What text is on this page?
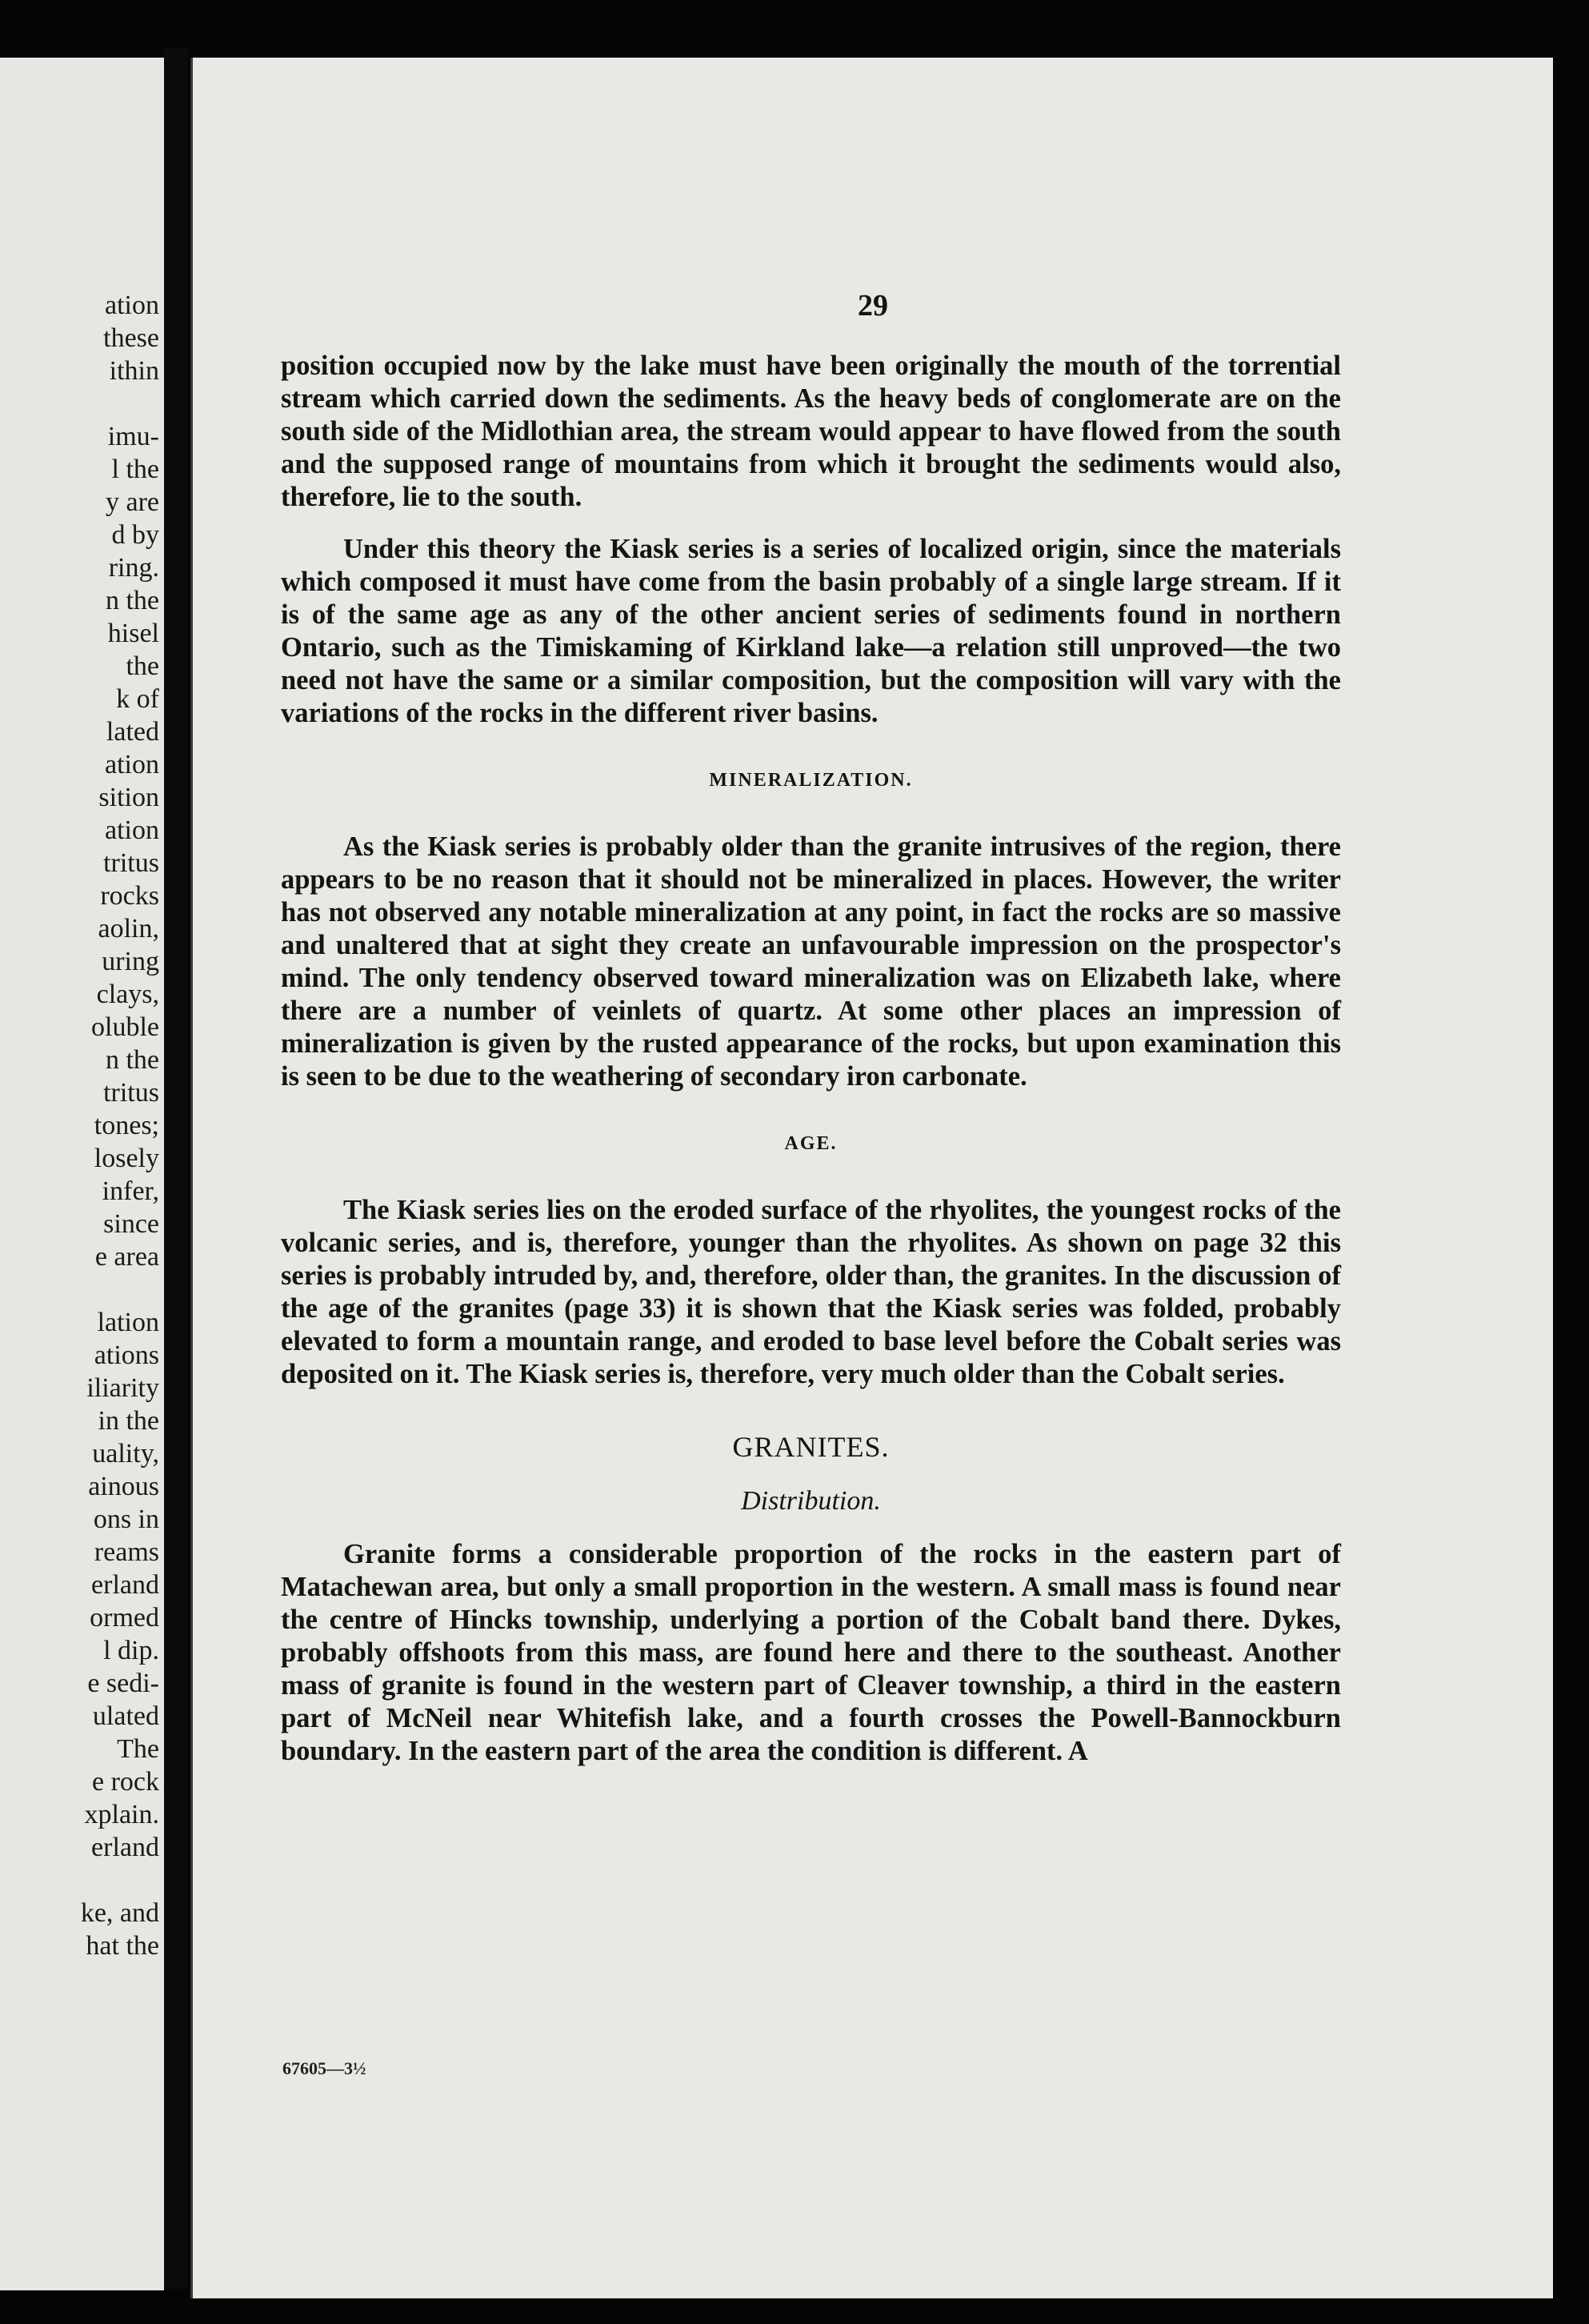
ation
these
ithin
imu-
l the
y are
d by
ring.
n the
hisel
the
k of
lated
ation
sition
ation
tritus
rocks
aolin,
uring
clays,
oluble
n the
tritus
tones;
losely
infer,
since
e area
lation
ations
iliarity
in the
uality,
ainous
ons in
reams
erland
ormed
l dip.
e sedi-
ulated
The
e rock
xplain.
erland
ke, and
hat the
29

position occupied now by the lake must have been originally the mouth of the torrential stream which carried down the sediments. As the heavy beds of conglomerate are on the south side of the Midlothian area, the stream would appear to have flowed from the south and the supposed range of mountains from which it brought the sediments would also, therefore, lie to the south.

Under this theory the Kiask series is a series of localized origin, since the materials which composed it must have come from the basin probably of a single large stream. If it is of the same age as any of the other ancient series of sediments found in northern Ontario, such as the Timiskaming of Kirkland lake—a relation still unproved—the two need not have the same or a similar composition, but the composition will vary with the variations of the rocks in the different river basins.

MINERALIZATION.

As the Kiask series is probably older than the granite intrusives of the region, there appears to be no reason that it should not be mineralized in places. However, the writer has not observed any notable mineralization at any point, in fact the rocks are so massive and unaltered that at sight they create an unfavourable impression on the prospector's mind. The only tendency observed toward mineralization was on Elizabeth lake, where there are a number of veinlets of quartz. At some other places an impression of mineralization is given by the rusted appearance of the rocks, but upon examination this is seen to be due to the weathering of secondary iron carbonate.

AGE.

The Kiask series lies on the eroded surface of the rhyolites, the youngest rocks of the volcanic series, and is, therefore, younger than the rhyolites. As shown on page 32 this series is probably intruded by, and, therefore, older than, the granites. In the discussion of the age of the granites (page 33) it is shown that the Kiask series was folded, probably elevated to form a mountain range, and eroded to base level before the Cobalt series was deposited on it. The Kiask series is, therefore, very much older than the Cobalt series.

GRANITES.
Distribution.

Granite forms a considerable proportion of the rocks in the eastern part of Matachewan area, but only a small proportion in the western. A small mass is found near the centre of Hincks township, underlying a portion of the Cobalt band there. Dykes, probably offshoots from this mass, are found here and there to the southeast. Another mass of granite is found in the western part of Cleaver township, a third in the eastern part of McNeil near Whitefish lake, and a fourth crosses the Powell-Bannockburn boundary. In the eastern part of the area the condition is different. A

67605—3½
